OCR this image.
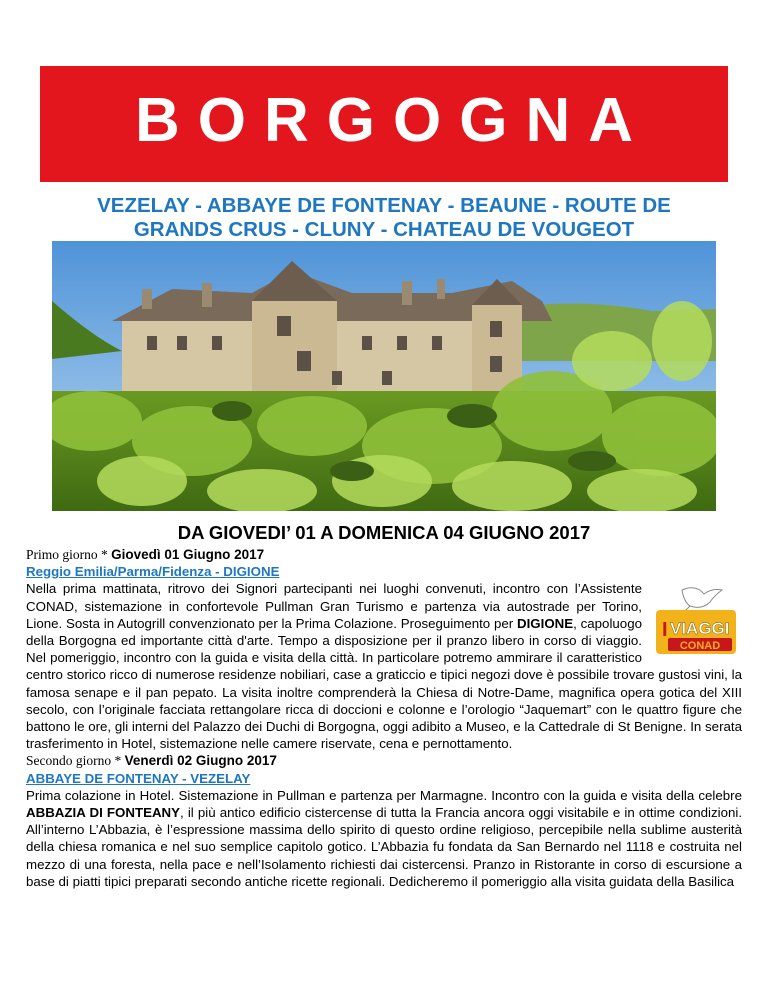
BORGOGNA
VEZELAY - ABBAYE DE FONTENAY - BEAUNE - ROUTE DE
GRANDS CRUS - CLUNY - CHATEAU DE VOUGEOT
DA GIOVEDI’ 01 A DOMENICA 04 GIUGNO 2017
Primo giorno * Giovedì 01 Giugno 2017
Reggio Emilia/Parma/Fidenza - DIGIONE
I VIAGGI
CONAD

Nella prima mattinata, ritrovo dei Signori partecipanti nei luoghi convenuti, incontro con l’Assistente CONAD, sistemazione in confortevole Pullman Gran Turismo e partenza via autostrade per Torino, Lione. Sosta in Autogrill convenzionato per la Prima Colazione. Proseguimento per DIGIONE, capoluogo della Borgogna ed importante città d'arte. Tempo a disposizione per il pranzo libero in corso di viaggio. Nel pomeriggio, incontro con la guida e visita della città. In particolare potremo ammirare il caratteristico centro storico ricco di numerose residenze nobiliari, case a graticcio e tipici negozi dove è possibile trovare gustosi vini, la famosa senape e il pan pepato. La visita inoltre comprenderà la Chiesa di Notre-Dame, magnifica opera gotica del XIII secolo, con l’originale facciata rettangolare ricca di doccioni e colonne e l’orologio “Jaquemart” con le quattro figure che battono le ore, gli interni del Palazzo dei Duchi di Borgogna, oggi adibito a Museo, e la Cattedrale di St Benigne. In serata trasferimento in Hotel, sistemazione nelle camere riservate, cena e pernottamento.

Secondo giorno * Venerdì 02 Giugno 2017
ABBAYE DE FONTENAY - VEZELAY

Prima colazione in Hotel. Sistemazione in Pullman e partenza per Marmagne. Incontro con la guida e visita della celebre ABBAZIA DI FONTEANY, il più antico edificio cistercense di tutta la Francia ancora oggi visitabile e in ottime condizioni. All’interno L’Abbazia, è l’espressione massima dello spirito di questo ordine religioso, percepibile nella sublime austerità della chiesa romanica e nel suo semplice capitolo gotico. L’Abbazia fu fondata da San Bernardo nel 1118 e costruita nel mezzo di una foresta, nella pace e nell’Isolamento richiesti dai cistercensi. Pranzo in Ristorante in corso di escursione a base di piatti tipici preparati secondo antiche ricette regionali. Dedicheremo il pomeriggio alla visita guidata della Basilica
